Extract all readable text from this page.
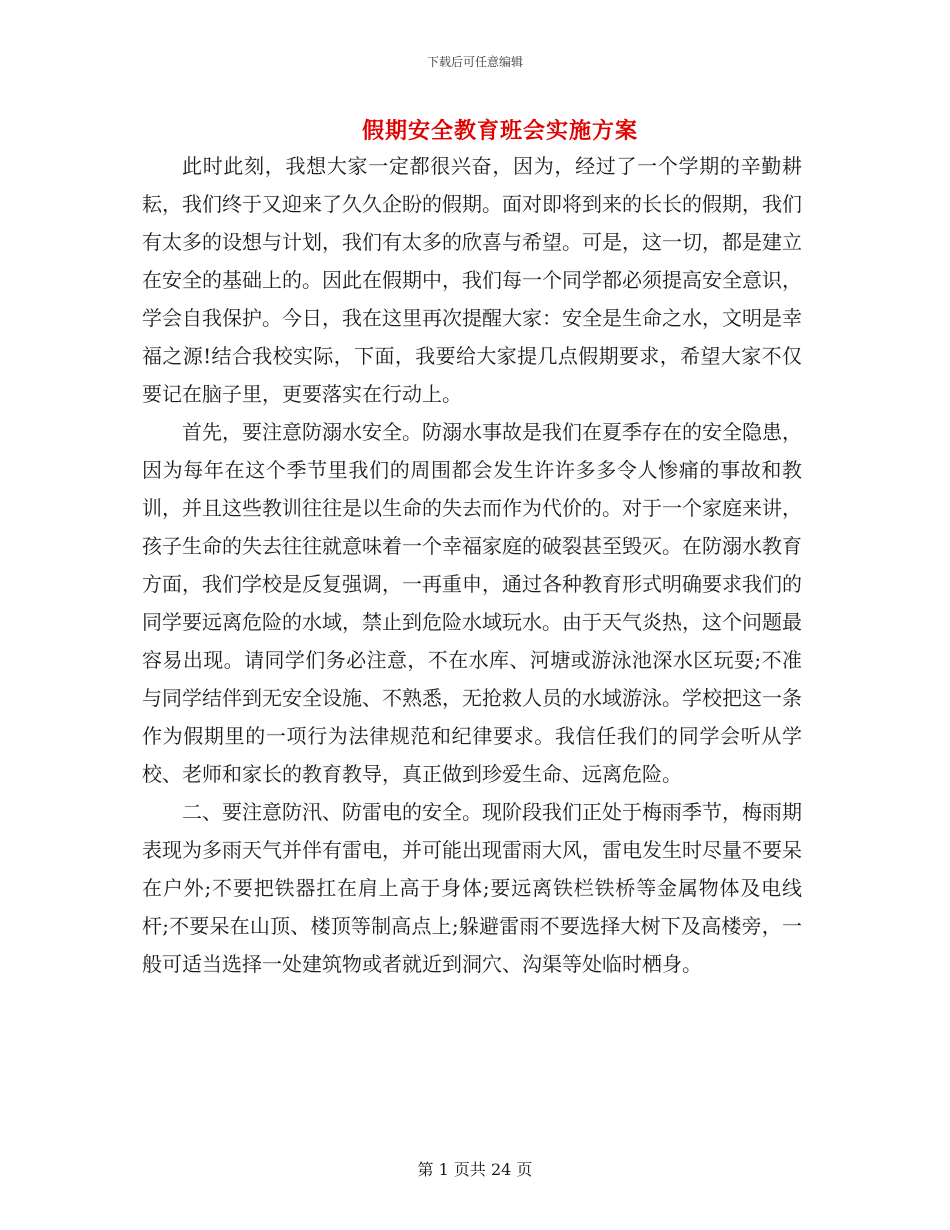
下载后可任意编辑
假期安全教育班会实施方案

此时此刻，我想大家一定都很兴奋，因为，经过了一个学期的辛勤耕耘，我们终于又迎来了久久企盼的假期。面对即将到来的长长的假期，我们有太多的设想与计划，我们有太多的欣喜与希望。可是，这一切，都是建立在安全的基础上的。因此在假期中，我们每一个同学都必须提高安全意识，学会自我保护。今日，我在这里再次提醒大家：安全是生命之水，文明是幸福之源!结合我校实际，下面，我要给大家提几点假期要求，希望大家不仅要记在脑子里，更要落实在行动上。

首先，要注意防溺水安全。防溺水事故是我们在夏季存在的安全隐患，因为每年在这个季节里我们的周围都会发生许许多多令人惨痛的事故和教训，并且这些教训往往是以生命的失去而作为代价的。对于一个家庭来讲，孩子生命的失去往往就意味着一个幸福家庭的破裂甚至毁灭。在防溺水教育方面，我们学校是反复强调，一再重申，通过各种教育形式明确要求我们的同学要远离危险的水域，禁止到危险水域玩水。由于天气炎热，这个问题最容易出现。请同学们务必注意，不在水库、河塘或游泳池深水区玩耍;不准与同学结伴到无安全设施、不熟悉，无抢救人员的水域游泳。学校把这一条作为假期里的一项行为法律规范和纪律要求。我信任我们的同学会听从学校、老师和家长的教育教导，真正做到珍爱生命、远离危险。

二、要注意防汛、防雷电的安全。现阶段我们正处于梅雨季节，梅雨期表现为多雨天气并伴有雷电，并可能出现雷雨大风，雷电发生时尽量不要呆在户外;不要把铁器扛在肩上高于身体;要远离铁栏铁桥等金属物体及电线杆;不要呆在山顶、楼顶等制高点上;躲避雷雨不要选择大树下及高楼旁，一般可适当选择一处建筑物或者就近到洞穴、沟渠等处临时栖身。

第 1 页共 24 页
